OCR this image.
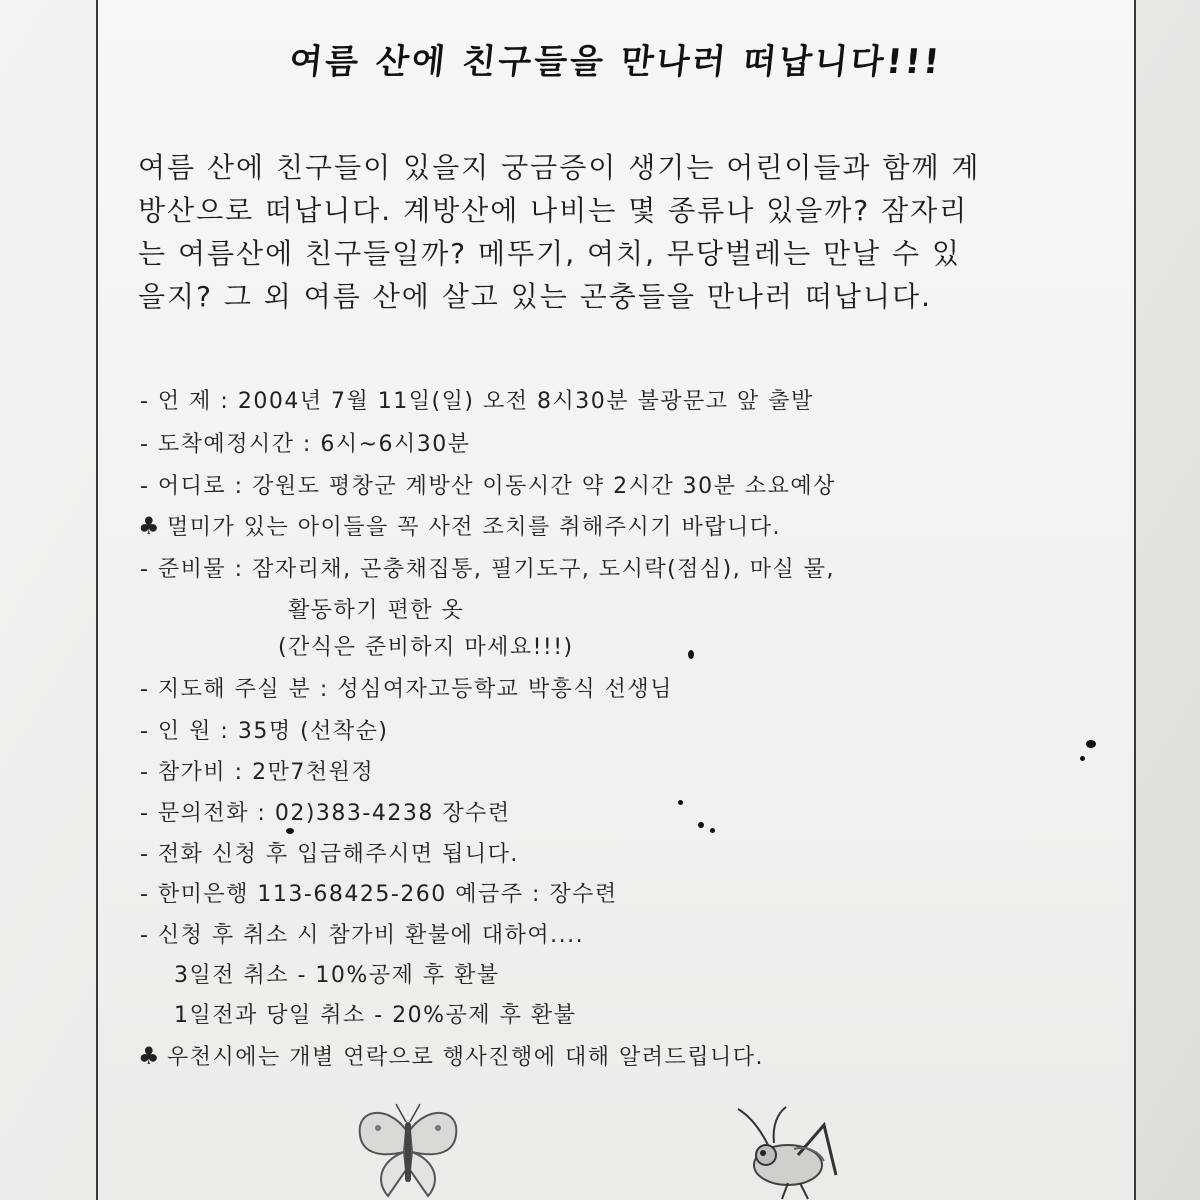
여름 산에 친구들을 만나러 떠납니다!!!
여름 산에 친구들이 있을지 궁금증이 생기는 어린이들과 함께 계
방산으로 떠납니다. 계방산에 나비는 몇 종류나 있을까? 잠자리
는 여름산에 친구들일까? 메뚜기, 여치, 무당벌레는 만날 수 있
을지? 그 외 여름 산에 살고 있는 곤충들을 만나러 떠납니다.
- 언 제 : 2004년 7월 11일(일) 오전 8시30분 불광문고 앞 출발
- 도착예정시간 : 6시~6시30분
- 어디로 : 강원도 평창군 계방산 이동시간 약 2시간 30분 소요예상
♣ 멀미가 있는 아이들을 꼭 사전 조치를 취해주시기 바랍니다.
- 준비물 : 잠자리채, 곤충채집통, 필기도구, 도시락(점심), 마실 물,
활동하기 편한 옷
(간식은 준비하지 마세요!!!)
- 지도해 주실 분 : 성심여자고등학교 박흥식 선생님
- 인 원 : 35명 (선착순)
- 참가비 : 2만7천원정
- 문의전화 : 02)383-4238 장수련
- 전화 신청 후 입금해주시면 됩니다.
- 한미은행 113-68425-260 예금주 : 장수련
- 신청 후 취소 시 참가비 환불에 대하여....
3일전 취소 - 10%공제 후 환불
1일전과 당일 취소 - 20%공제 후 환불
♣ 우천시에는 개별 연락으로 행사진행에 대해 알려드립니다.
